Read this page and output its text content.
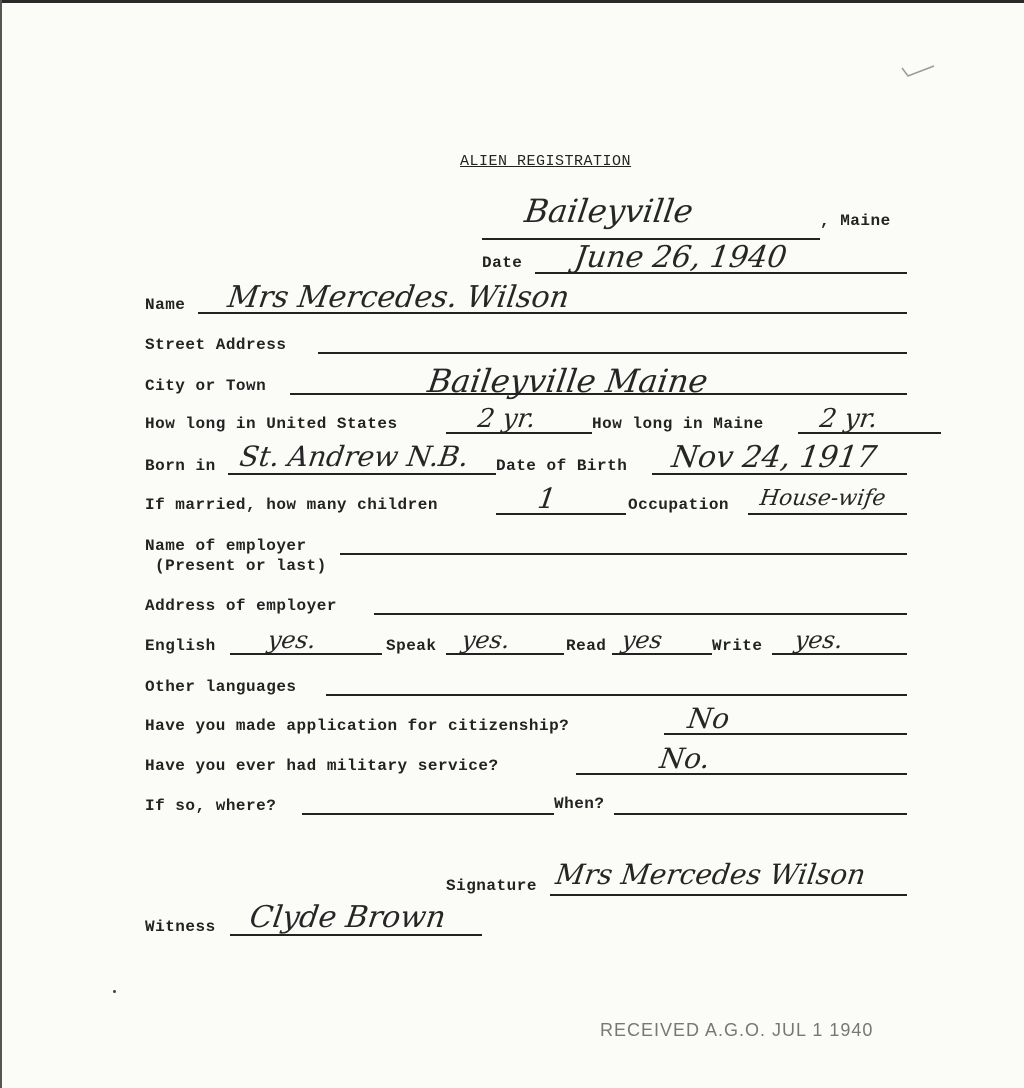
ALIEN REGISTRATION
Baileyville	, Maine
Date June 26, 1940
Name Mrs Mercedes. Wilson
Street Address
City or Town	Baileyville Maine
How long in United States	2 yr.	How long in Maine 2 yr.
Born in St. Andrew N.B. Date of Birth Nov 24, 1917
If married, how many children	1	Occupation House-wife
Name of employer
(Present or last)
Address of employer
English yes.	Speak yes.	Read yes	Write yes.
Other languages
Have you made application for citizenship?	No
Have you ever had military service?	No.
If so, where?	When?
Signature Mrs Mercedes Wilson
Witness Clyde Brown
RECEIVED A.G.O. JUL 1 1940
